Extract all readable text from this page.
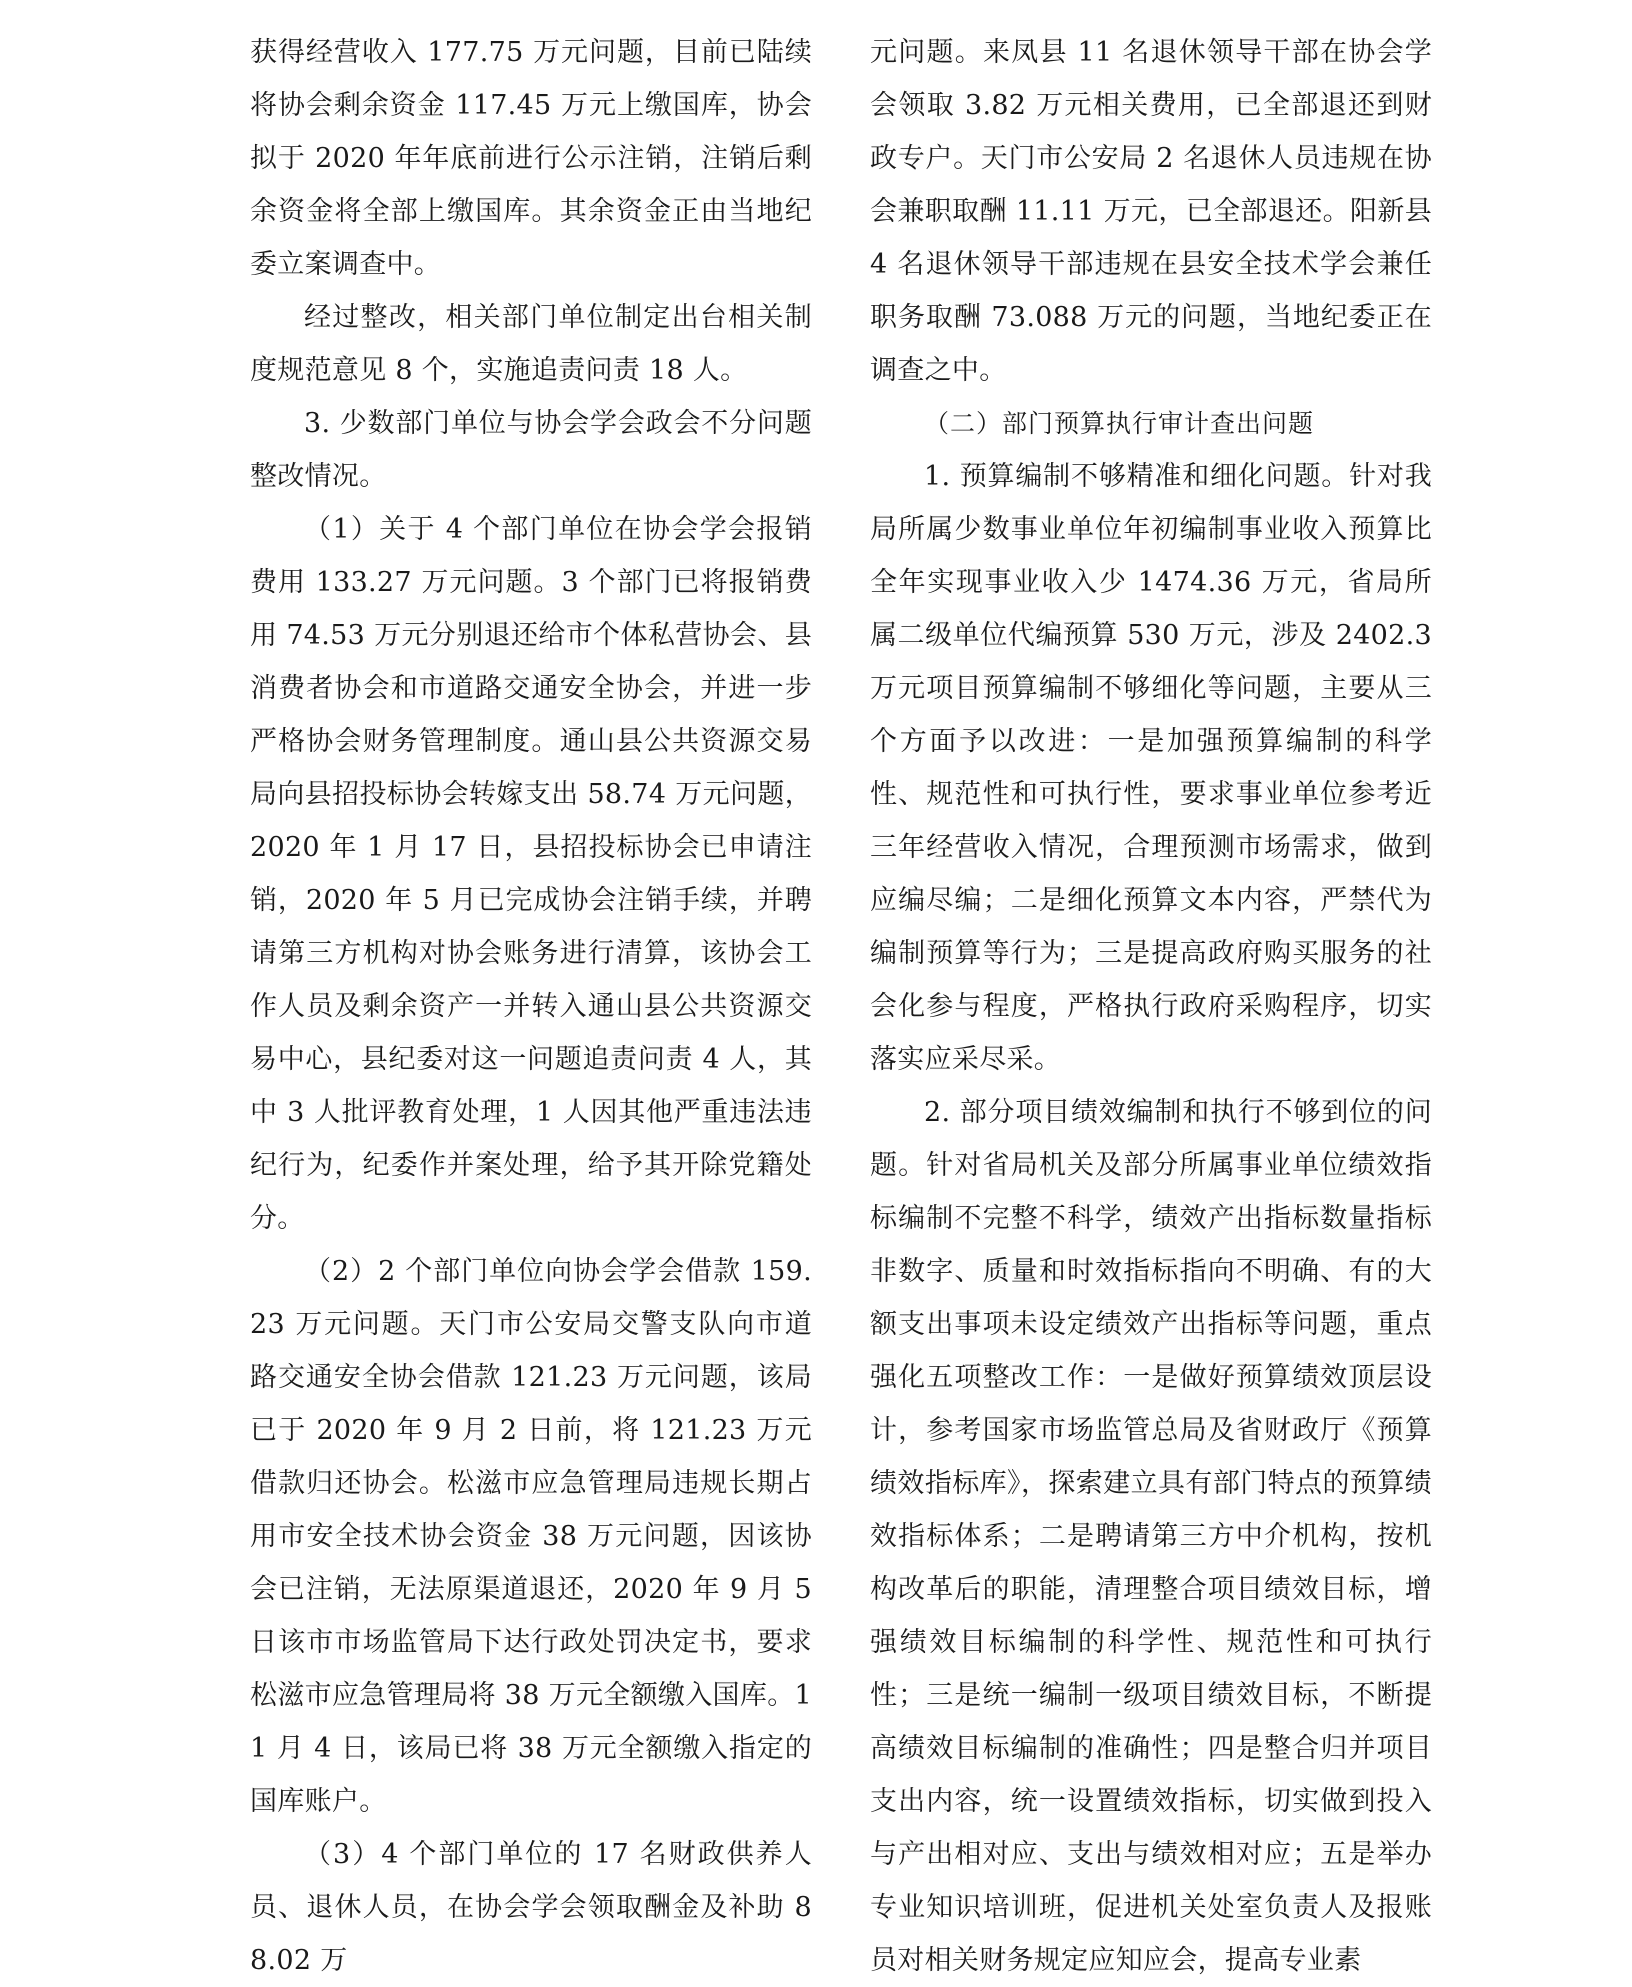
获得经营收入 177.75 万元问题，目前已陆续将协会剩余资金 117.45 万元上缴国库，协会拟于 2020 年年底前进行公示注销，注销后剩余资金将全部上缴国库。其余资金正由当地纪委立案调查中。

经过整改，相关部门单位制定出台相关制度规范意见 8 个，实施追责问责 18 人。

3. 少数部门单位与协会学会政会不分问题整改情况。

（1）关于 4 个部门单位在协会学会报销费用 133.27 万元问题。3 个部门已将报销费用 74.53 万元分别退还给市个体私营协会、县消费者协会和市道路交通安全协会，并进一步严格协会财务管理制度。通山县公共资源交易局向县招投标协会转嫁支出 58.74 万元问题，2020 年 1 月 17 日，县招投标协会已申请注销，2020 年 5 月已完成协会注销手续，并聘请第三方机构对协会账务进行清算，该协会工作人员及剩余资产一并转入通山县公共资源交易中心，县纪委对这一问题追责问责 4 人，其中 3 人批评教育处理，1 人因其他严重违法违纪行为，纪委作并案处理，给予其开除党籍处分。

（2）2 个部门单位向协会学会借款 159.23 万元问题。天门市公安局交警支队向市道路交通安全协会借款 121.23 万元问题，该局已于 2020 年 9 月 2 日前，将 121.23 万元借款归还协会。松滋市应急管理局违规长期占用市安全技术协会资金 38 万元问题，因该协会已注销，无法原渠道退还，2020 年 9 月 5 日该市市场监管局下达行政处罚决定书，要求松滋市应急管理局将 38 万元全额缴入国库。11 月 4 日，该局已将 38 万元全额缴入指定的国库账户。

（3）4 个部门单位的 17 名财政供养人员、退休人员，在协会学会领取酬金及补助 88.02 万

元问题。来凤县 11 名退休领导干部在协会学会领取 3.82 万元相关费用，已全部退还到财政专户。天门市公安局 2 名退休人员违规在协会兼职取酬 11.11 万元，已全部退还。阳新县 4 名退休领导干部违规在县安全技术学会兼任职务取酬 73.088 万元的问题，当地纪委正在调查之中。

（二）部门预算执行审计查出问题

1. 预算编制不够精准和细化问题。针对我局所属少数事业单位年初编制事业收入预算比全年实现事业收入少 1474.36 万元，省局所属二级单位代编预算 530 万元，涉及 2402.3 万元项目预算编制不够细化等问题，主要从三个方面予以改进：一是加强预算编制的科学性、规范性和可执行性，要求事业单位参考近三年经营收入情况，合理预测市场需求，做到应编尽编；二是细化预算文本内容，严禁代为编制预算等行为；三是提高政府购买服务的社会化参与程度，严格执行政府采购程序，切实落实应采尽采。

2. 部分项目绩效编制和执行不够到位的问题。针对省局机关及部分所属事业单位绩效指标编制不完整不科学，绩效产出指标数量指标非数字、质量和时效指标指向不明确、有的大额支出事项未设定绩效产出指标等问题，重点强化五项整改工作：一是做好预算绩效顶层设计，参考国家市场监管总局及省财政厅《预算绩效指标库》，探索建立具有部门特点的预算绩效指标体系；二是聘请第三方中介机构，按机构改革后的职能，清理整合项目绩效目标，增强绩效目标编制的科学性、规范性和可执行性；三是统一编制一级项目绩效目标，不断提高绩效目标编制的准确性；四是整合归并项目支出内容，统一设置绩效指标，切实做到投入与产出相对应、支出与绩效相对应；五是举办专业知识培训班，促进机关处室负责人及报账员对相关财务规定应知应会，提高专业素
